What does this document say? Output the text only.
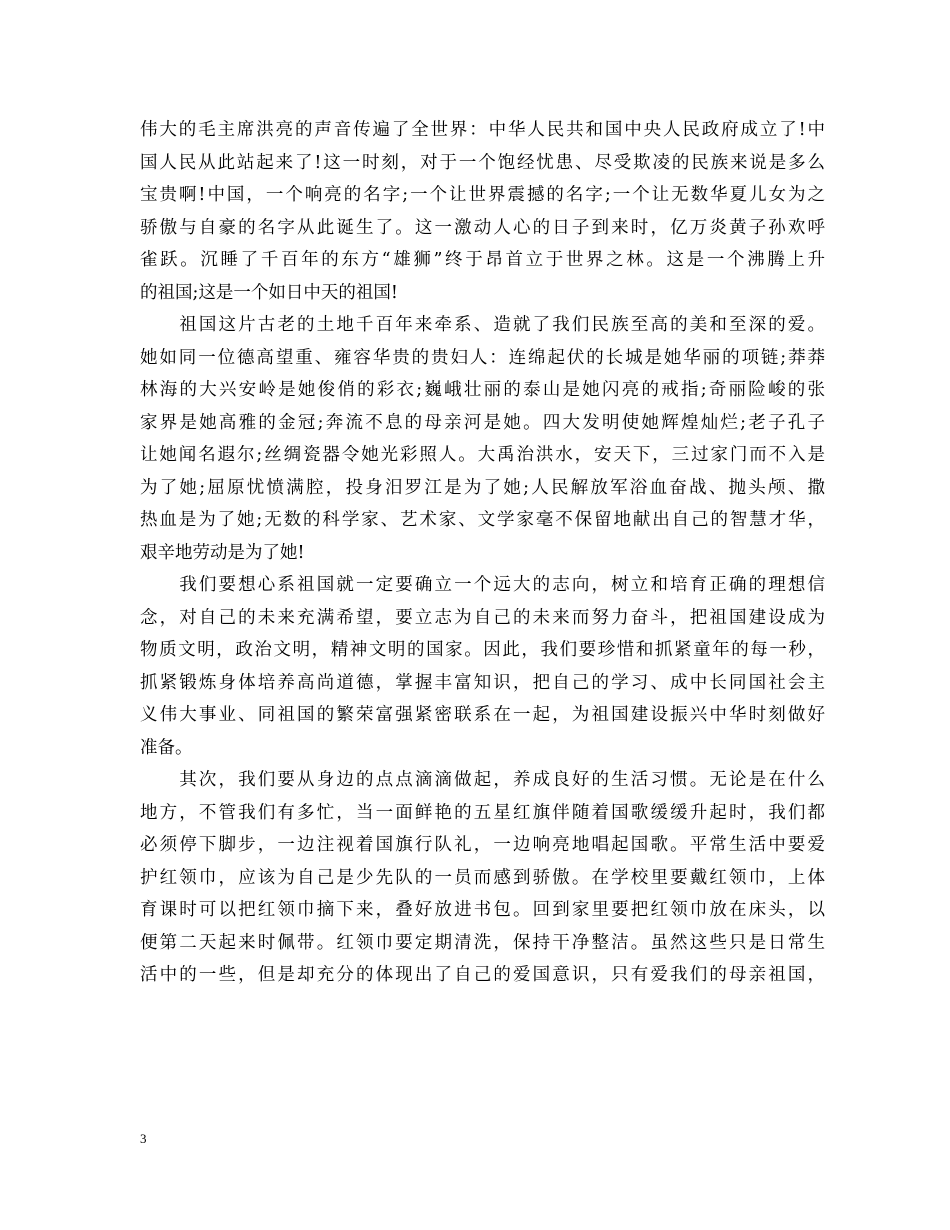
伟大的毛主席洪亮的声音传遍了全世界：中华人民共和国中央人民政府成立了!中
国人民从此站起来了!这一时刻，对于一个饱经忧患、尽受欺凌的民族来说是多么
宝贵啊!中国，一个响亮的名字;一个让世界震撼的名字;一个让无数华夏儿女为之
骄傲与自豪的名字从此诞生了。这一激动人心的日子到来时，亿万炎黄子孙欢呼
雀跃。沉睡了千百年的东方“雄狮”终于昂首立于世界之林。这是一个沸腾上升
的祖国;这是一个如日中天的祖国!
　　祖国这片古老的土地千百年来牵系、造就了我们民族至高的美和至深的爱。
她如同一位德高望重、雍容华贵的贵妇人：连绵起伏的长城是她华丽的项链;莽莽
林海的大兴安岭是她俊俏的彩衣;巍峨壮丽的泰山是她闪亮的戒指;奇丽险峻的张
家界是她高雅的金冠;奔流不息的母亲河是她。四大发明使她辉煌灿烂;老子孔子
让她闻名遐尔;丝绸瓷器令她光彩照人。大禹治洪水，安天下，三过家门而不入是
为了她;屈原忧愤满腔，投身汨罗江是为了她;人民解放军浴血奋战、抛头颅、撒
热血是为了她;无数的科学家、艺术家、文学家毫不保留地献出自己的智慧才华，
艰辛地劳动是为了她!
　　我们要想心系祖国就一定要确立一个远大的志向，树立和培育正确的理想信
念，对自己的未来充满希望，要立志为自己的未来而努力奋斗，把祖国建设成为
物质文明，政治文明，精神文明的国家。因此，我们要珍惜和抓紧童年的每一秒，
抓紧锻炼身体培养高尚道德，掌握丰富知识，把自己的学习、成中长同国社会主
义伟大事业、同祖国的繁荣富强紧密联系在一起，为祖国建设振兴中华时刻做好
准备。
　　其次，我们要从身边的点点滴滴做起，养成良好的生活习惯。无论是在什么
地方，不管我们有多忙，当一面鲜艳的五星红旗伴随着国歌缓缓升起时，我们都
必须停下脚步，一边注视着国旗行队礼，一边响亮地唱起国歌。平常生活中要爱
护红领巾，应该为自己是少先队的一员而感到骄傲。在学校里要戴红领巾，上体
育课时可以把红领巾摘下来，叠好放进书包。回到家里要把红领巾放在床头，以
便第二天起来时佩带。红领巾要定期清洗，保持干净整洁。虽然这些只是日常生
活中的一些，但是却充分的体现出了自己的爱国意识，只有爱我们的母亲祖国，
3
